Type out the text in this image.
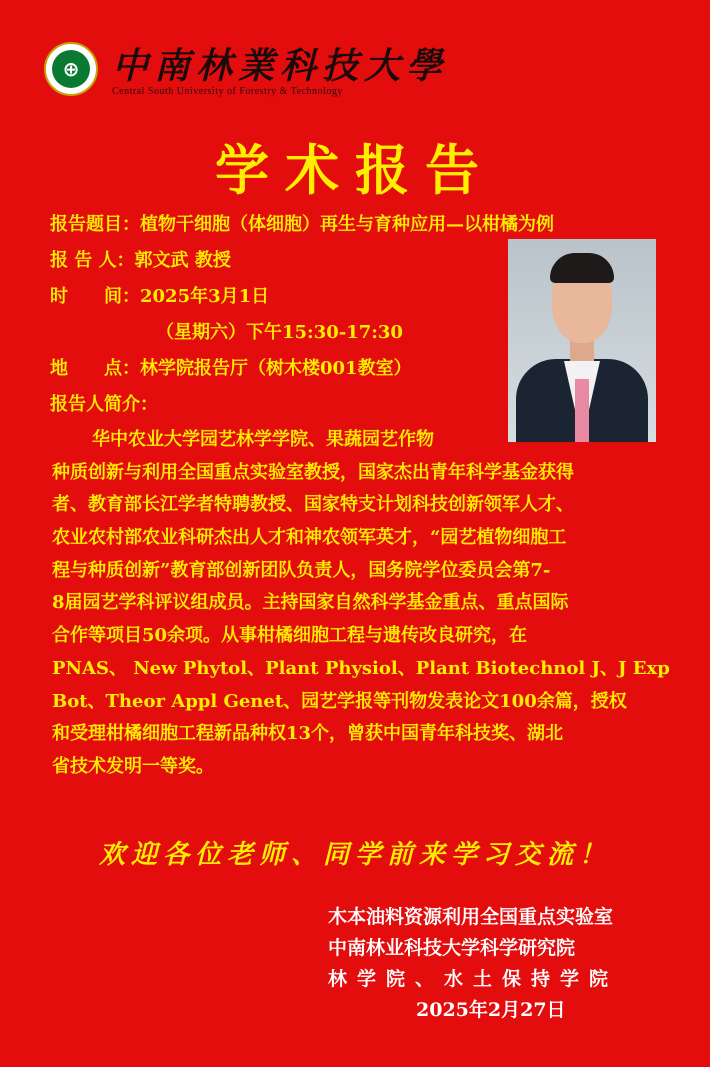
⊕ 中南林業科技大學
Central South University of Forestry & Technology
学术报告
报告题目：植物干细胞（体细胞）再生与育种应用—以柑橘为例
报 告 人：郭文武 教授
时　　间：2025年3月1日
（星期六）下午15:30-17:30
地　　点：林学院报告厅（树木楼001教室）
报告人简介：
华中农业大学园艺林学学院、果蔬园艺作物
种质创新与利用全国重点实验室教授，国家杰出青年科学基金获得
者、教育部长江学者特聘教授、国家特支计划科技创新领军人才、
农业农村部农业科研杰出人才和神农领军英才，“园艺植物细胞工
程与种质创新”教育部创新团队负责人，国务院学位委员会第7-
8届园艺学科评议组成员。主持国家自然科学基金重点、重点国际
合作等项目50余项。从事柑橘细胞工程与遗传改良研究，在
PNAS、 New Phytol、Plant Physiol、Plant Biotechnol J、J Exp
Bot、Theor Appl Genet、园艺学报等刊物发表论文100余篇，授权
和受理柑橘细胞工程新品种权13个，曾获中国青年科技奖、湖北
省技术发明一等奖。
欢迎各位老师、同学前来学习交流！
木本油料资源利用全国重点实验室
中南林业科技大学科学研究院
林学院、水土保持学院
2025年2月27日
